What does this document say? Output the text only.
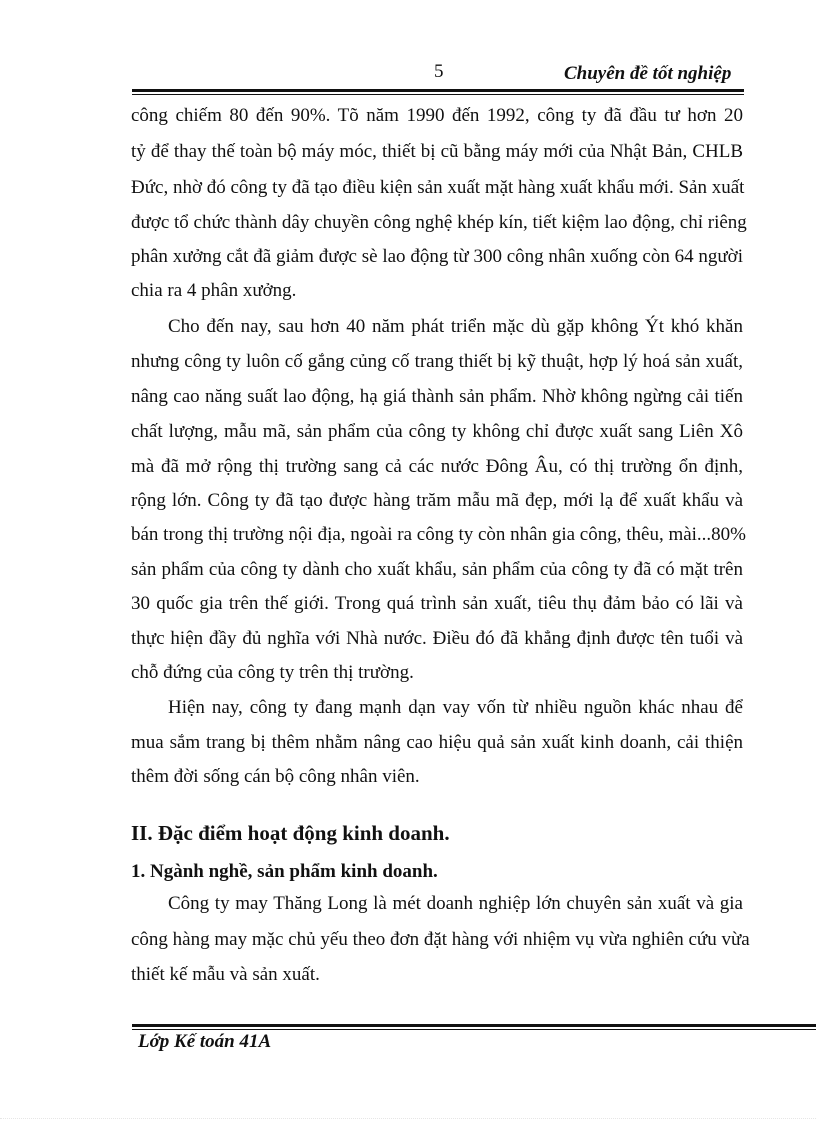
5	Chuyên đề tốt nghiệp
công chiếm 80 đến 90%. Tõ năm 1990 đến 1992, công ty đã đầu tư hơn 20
tỷ để thay thế toàn bộ máy móc, thiết bị cũ bằng máy mới của Nhật Bản, CHLB
Đức, nhờ đó công ty đã tạo điều kiện sản xuất mặt hàng xuất khẩu mới. Sản xuất
được tổ chức thành dây chuyền công nghệ khép kín, tiết kiệm lao động, chỉ riêng
phân xưởng cắt đã giảm được sè lao động từ 300 công nhân xuống còn 64 người
chia ra 4 phân xưởng.
Cho đến nay, sau hơn 40 năm phát triển mặc dù gặp không Ýt khó khăn
nhưng công ty luôn cố gắng củng cố trang thiết bị kỹ thuật, hợp lý hoá sản xuất,
nâng cao năng suất lao động, hạ giá thành sản phẩm. Nhờ không ngừng cải tiến
chất lượng, mẫu mã, sản phẩm của công ty không chỉ được xuất sang Liên Xô
mà đã mở rộng thị trường sang cả các nước Đông Âu, có thị trường ổn định,
rộng lớn. Công ty đã tạo được hàng trăm mẫu mã đẹp, mới lạ để xuất khẩu và
bán trong thị trường nội địa, ngoài ra công ty còn nhân gia công, thêu, mài...80%
sản phẩm của công ty dành cho xuất khẩu, sản phẩm của công ty đã có mặt trên
30 quốc gia trên thế giới. Trong quá trình sản xuất, tiêu thụ đảm bảo có lãi và
thực hiện đầy đủ nghĩa với Nhà nước. Điều đó đã khẳng định được tên tuổi và
chỗ đứng của công ty trên thị trường.
Hiện nay, công ty đang mạnh dạn vay vốn từ nhiều nguồn khác nhau để
mua sắm trang bị thêm nhằm nâng cao hiệu quả sản xuất kinh doanh, cải thiện
thêm đời sống cán bộ công nhân viên.
II. Đặc điểm hoạt động kinh doanh.
1. Ngành nghề, sản phẩm kinh doanh.
Công ty may Thăng Long là mét doanh nghiệp lớn chuyên sản xuất và gia
công hàng may mặc chủ yếu theo đơn đặt hàng với nhiệm vụ vừa nghiên cứu vừa
thiết kế mẫu và sản xuất.
Lớp Kế toán 41A
